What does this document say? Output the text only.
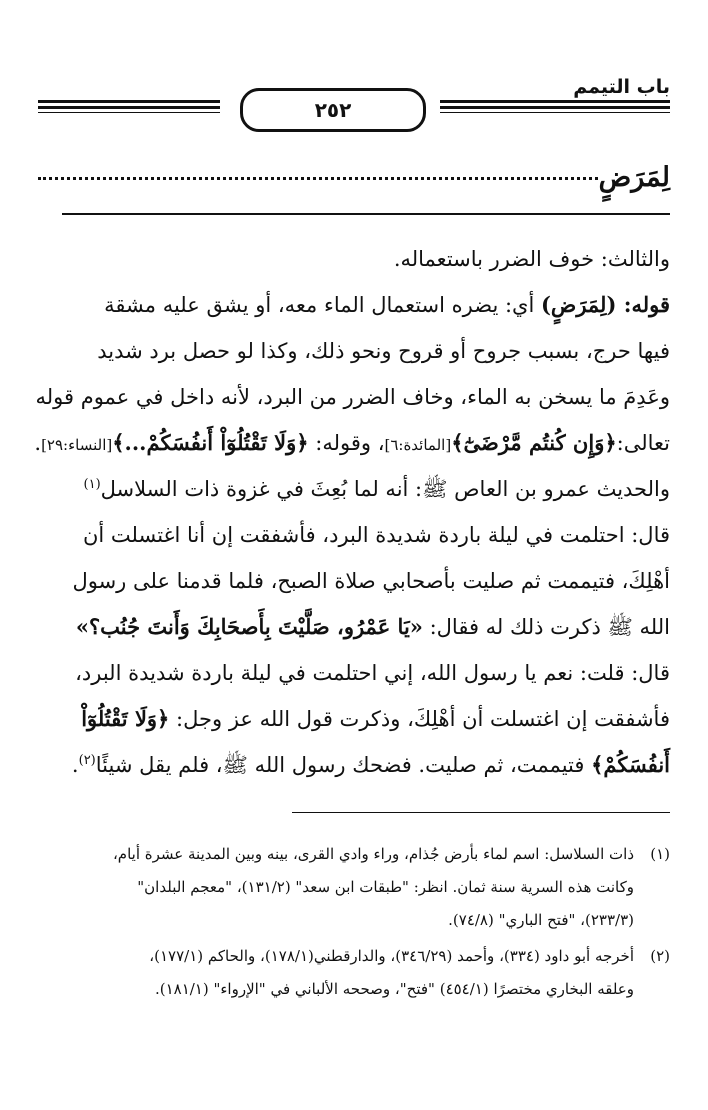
باب التيمم
٢٥٢
لِمَرَضٍ
والثالث: خوف الضرر باستعماله.
قوله: (لِمَرَضٍ) أي: يضره استعمال الماء معه، أو يشق عليه مشقة
فيها حرج، بسبب جروح أو قروح ونحو ذلك، وكذا لو حصل برد شديد
وعَدِمَ ما يسخن به الماء، وخاف الضرر من البرد، لأنه داخل في عموم قوله
تعالى:﴿وَإِن كُنتُم مَّرْضَىٰٓ﴾[المائدة:٦]، وقوله: ﴿وَلَا تَقْتُلُوٓاْ أَنفُسَكُمْ...﴾[النساء:٢٩].
والحديث عمرو بن العاص ﷺ: أنه لما بُعِثَ في غزوة ذات السلاسل$^{(١)}$
قال: احتلمت في ليلة باردة شديدة البرد، فأشفقت إن أنا اغتسلت أن
أهْلِكَ، فتيممت ثم صليت بأصحابي صلاة الصبح، فلما قدمنا على رسول
الله ﷺ ذكرت ذلك له فقال: «يَا عَمْرُو، صَلَّيْتَ بِأَصحَابِكَ وَأَنتَ جُنُب؟»
قال: قلت: نعم يا رسول الله، إني احتلمت في ليلة باردة شديدة البرد،
فأشفقت إن اغتسلت أن أهْلِكَ، وذكرت قول الله عز وجل: ﴿وَلَا تَقْتُلُوٓاْ
أَنفُسَكُمْ﴾ فتيممت، ثم صليت. فضحك رسول الله ﷺ، فلم يقل شيئًا$^{(٢)}$.
(١)ذات السلاسل: اسم لماء بأرض جُذام، وراء وادي القرى، بينه وبين المدينة عشرة أيام،
وكانت هذه السرية سنة ثمان. انظر: "طبقات ابن سعد" (١٣١/٢)، "معجم البلدان"
(٢٣٣/٣)، "فتح الباري" (٧٤/٨).
(٢)أخرجه أبو داود (٣٣٤)، وأحمد (٣٤٦/٢٩)، والدارقطني(١٧٨/١)، والحاكم (١٧٧/١)،
وعلقه البخاري مختصرًا (٤٥٤/١) "فتح"، وصححه الألباني في "الإرواء" (١٨١/١).
